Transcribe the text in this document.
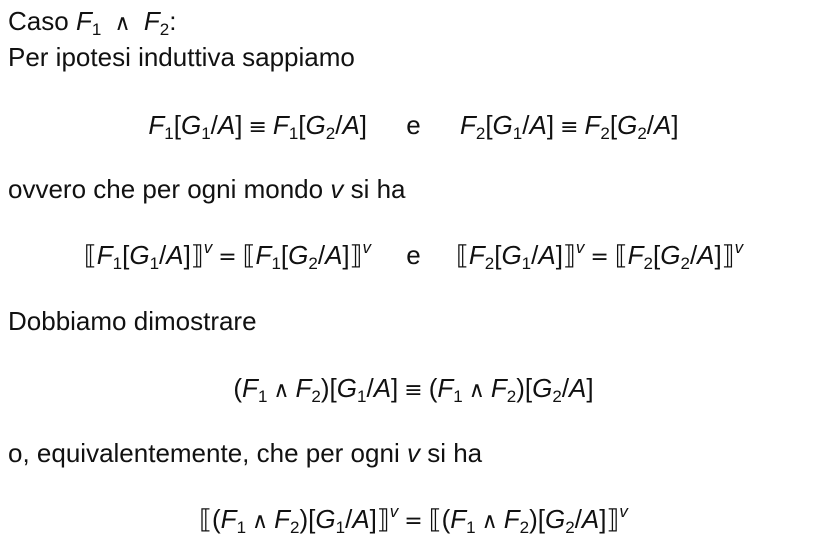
Caso $F_1$ ∧ $F_2$:
Per ipotesi induttiva sappiamo
$F_1[G_1/A] \equiv F_1[G_2/A]$ e $F_2[G_1/A] \equiv F_2[G_2/A]$
ovvero che per ogni mondo v si ha
$⟦F_1[G_1/A]⟧^v$ = $⟦F_1[G_2/A]⟧^v$ e $⟦F_2[G_1/A]⟧^v$ = $⟦F_2[G_2/A]⟧^v$
Dobbiamo dimostrare
($F_1$ ∧ $F_2)[G_1/A] \equiv (F_1$ ∧ $F_2)[G_2/A]$
o, equivalentemente, che per ogni v si ha
$⟦(F_1$ ∧ $F_2)[G_1/A]⟧^v$ = $⟦(F_1$ ∧ $F_2)[G_2/A]⟧^v$
